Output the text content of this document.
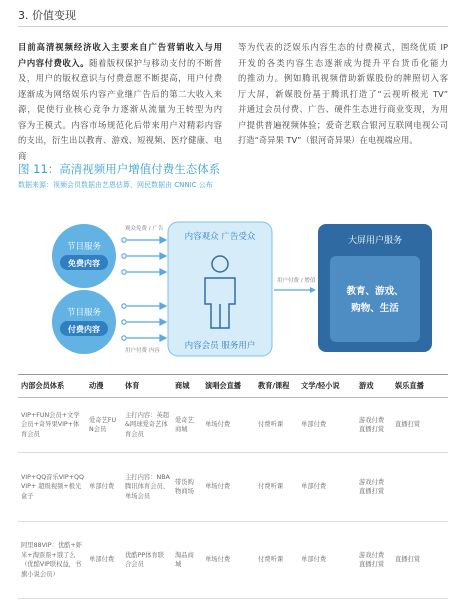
3. 价值变现
目前高清视频经济收入主要来自广告营销收入与用
户内容付费收入。随着版权保护与移动支付的不断普
及，用户的版权意识与付费意愿不断提高，用户付费
逐渐成为网络娱乐内容产业继广告后的第二大收入来
源，促使行业核心竞争力逐渐从流量为王转型为内
容为王模式。内容市场规范化后带来用户对精彩内容
的支出，衍生出以教育、游戏、短视频、医疗健康、电商
等为代表的泛娱乐内容生态的付费模式，围绕优质 IP
开发的各类内容生态逐渐成为提升平台货币化能力
的推动力。例如腾讯视频借助新媒股份的牌照切入客
厅大屏，新媒股份基于腾讯打造了“云视听极光 TV”
并通过会员付费、广告、硬件生态进行商业变现，为用
户提供普遍视频体验；爱奇艺联合银河互联网电视公司
打造“奇异果 TV”（银河奇异果）在电视端应用。
图 11：高清视频用户增值付费生态体系
数据来源：视频会员数据由艺恩估算，网民数据由 CNNIC 公布
节目服务
免费内容
节目服务
付费内容
观众免费 / 广告
用户付费 内容
内容观众 广告受众
内容会员 服务用户
用户付费 / 增值
大屏用户服务
教育、游戏、
购物、生活
内部会员体系	动漫	体育	商城	演唱会直播	教育/课程	文学/轻小说	游戏	娱乐直播
VIP+FUN会员+文学会员+奇异果VIP+体育会员	爱奇艺FUN会员	主打内容：英超&网球爱奇艺体育会员	爱奇艺商城	单场付费	付费听课	单部付费	游戏付费直播打赏	直播打赏
VIP+QQ音乐VIP+QQVIP+ 超级视频+极光盒子	单部付费	主打内容：NBA 腾讯体育会员、单场会员	带货购物商场	单场付费	付费听课	单部付费	游戏付费直播打赏	
阿里88VIP：优酷+虾米+淘票票+饿了么（优酷VIP联权益，书旗小说会员）	单部付费	优酷PP体育联合会员	淘品商城	单场付费	付费听课	单部付费	游戏付费直播打赏	直播打赏
